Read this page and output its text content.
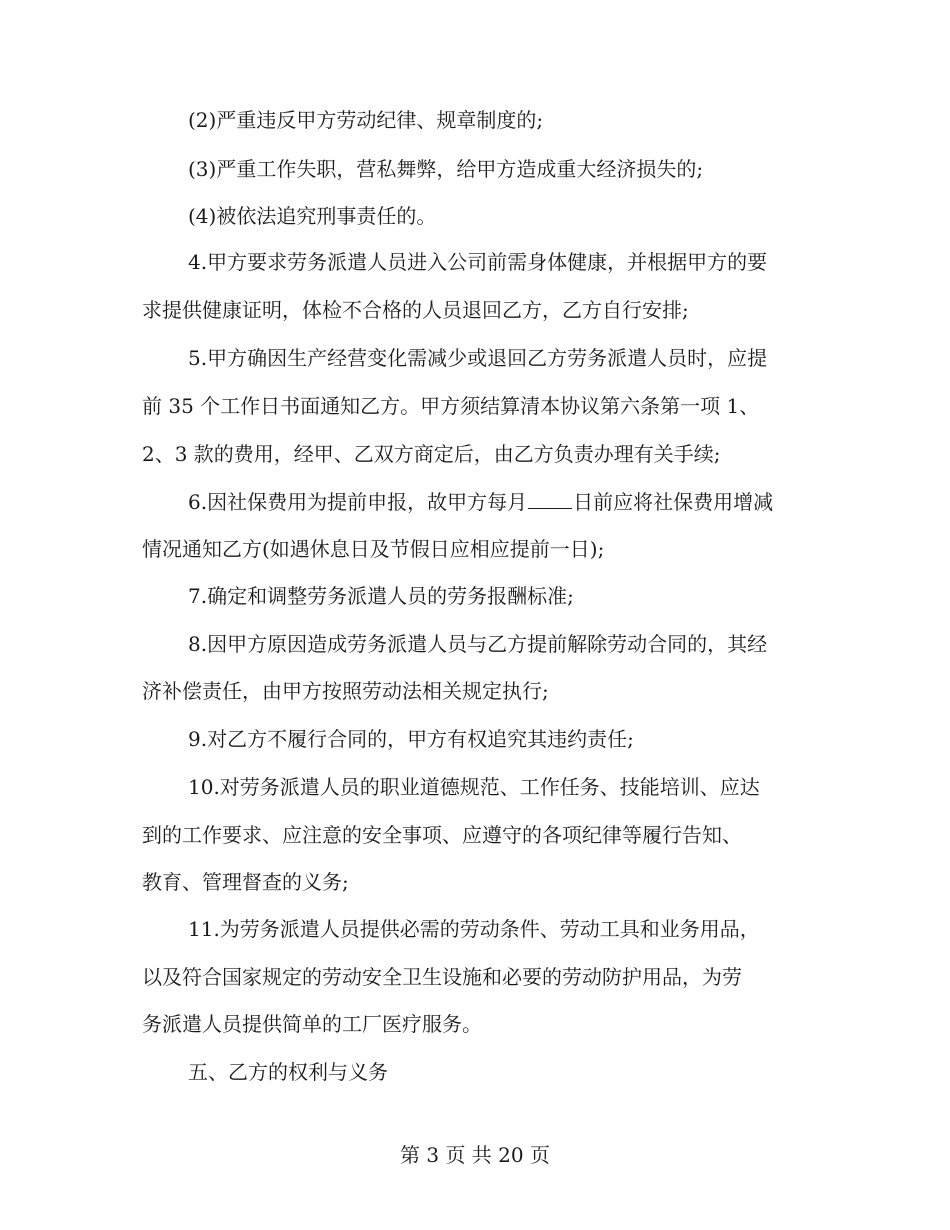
(2)严重违反甲方劳动纪律、规章制度的;
(3)严重工作失职，营私舞弊，给甲方造成重大经济损失的;
(4)被依法追究刑事责任的。
4.甲方要求劳务派遣人员进入公司前需身体健康，并根据甲方的要
求提供健康证明，体检不合格的人员退回乙方，乙方自行安排;
5.甲方确因生产经营变化需减少或退回乙方劳务派遣人员时，应提
前 35 个工作日书面通知乙方。甲方须结算清本协议第六条第一项 1、
2、3 款的费用，经甲、乙双方商定后，由乙方负责办理有关手续;
6.因社保费用为提前申报，故甲方每月 日前应将社保费用增减
情况通知乙方(如遇休息日及节假日应相应提前一日);
7.确定和调整劳务派遣人员的劳务报酬标准;
8.因甲方原因造成劳务派遣人员与乙方提前解除劳动合同的，其经
济补偿责任，由甲方按照劳动法相关规定执行;
9.对乙方不履行合同的，甲方有权追究其违约责任;
10.对劳务派遣人员的职业道德规范、工作任务、技能培训、应达
到的工作要求、应注意的安全事项、应遵守的各项纪律等履行告知、
教育、管理督查的义务;
11.为劳务派遣人员提供必需的劳动条件、劳动工具和业务用品，
以及符合国家规定的劳动安全卫生设施和必要的劳动防护用品，为劳
务派遣人员提供简单的工厂医疗服务。
五、乙方的权利与义务
第 3 页 共 20 页
